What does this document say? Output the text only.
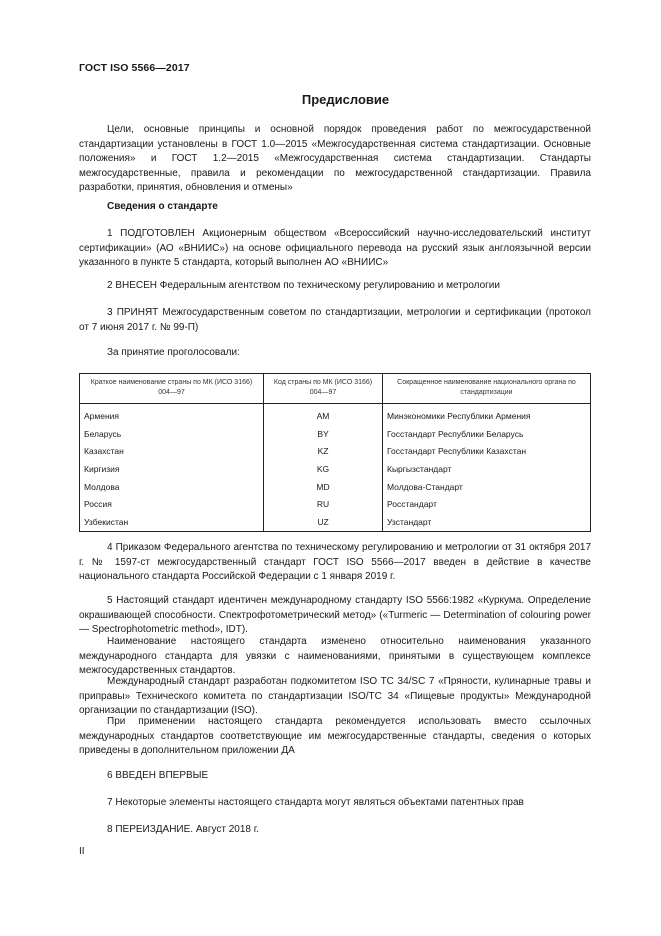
ГОСТ ISO 5566—2017
Предисловие

Цели, основные принципы и основной порядок проведения работ по межгосударственной стандартизации установлены в ГОСТ 1.0—2015 «Межгосударственная система стандартизации. Основные положения» и ГОСТ 1.2—2015 «Межгосударственная система стандартизации. Стандарты межгосударственные, правила и рекомендации по межгосударственной стандартизации. Правила разработки, принятия, обновления и отмены»

Сведения о стандарте

1 ПОДГОТОВЛЕН Акционерным обществом «Всероссийский научно-исследовательский институт сертификации» (АО «ВНИИС») на основе официального перевода на русский язык англоязычной версии указанного в пункте 5 стандарта, который выполнен АО «ВНИИС»

2 ВНЕСЕН Федеральным агентством по техническому регулированию и метрологии

3 ПРИНЯТ Межгосударственным советом по стандартизации, метрологии и сертификации (протокол от 7 июня 2017 г. № 99-П)

За принятие проголосовали:

Краткое наименование страны по МК (ИСО 3166) 004—97	Код страны по МК (ИСО 3166) 004—97	Сокращенное наименование национального органа по стандартизации

Армения	AM	Минэкономики Республики Армения
Беларусь	BY	Госстандарт Республики Беларусь
Казахстан	KZ	Госстандарт Республики Казахстан
Киргизия	KG	Кыргызстандарт
Молдова	MD	Молдова-Стандарт
Россия	RU	Росстандарт
Узбекистан	UZ	Узстандарт

4 Приказом Федерального агентства по техническому регулированию и метрологии от 31 октября 2017 г. № 1597-ст межгосударственный стандарт ГОСТ ISO 5566—2017 введен в действие в качестве национального стандарта Российской Федерации с 1 января 2019 г.

5 Настоящий стандарт идентичен международному стандарту ISO 5566:1982 «Куркума. Определение окрашивающей способности. Спектрофотометрический метод» («Turmeric — Determination of colouring power — Spectrophotometric method», IDT).

Наименование настоящего стандарта изменено относительно наименования указанного международного стандарта для увязки с наименованиями, принятыми в существующем комплексе межгосударственных стандартов.

Международный стандарт разработан подкомитетом ISO TC 34/SC 7 «Пряности, кулинарные травы и приправы» Технического комитета по стандартизации ISO/TC 34 «Пищевые продукты» Международной организации по стандартизации (ISO).

При применении настоящего стандарта рекомендуется использовать вместо ссылочных международных стандартов соответствующие им межгосударственные стандарты, сведения о которых приведены в дополнительном приложении ДА

6 ВВЕДЕН ВПЕРВЫЕ

7 Некоторые элементы настоящего стандарта могут являться объектами патентных прав

8 ПЕРЕИЗДАНИЕ. Август 2018 г.

II
